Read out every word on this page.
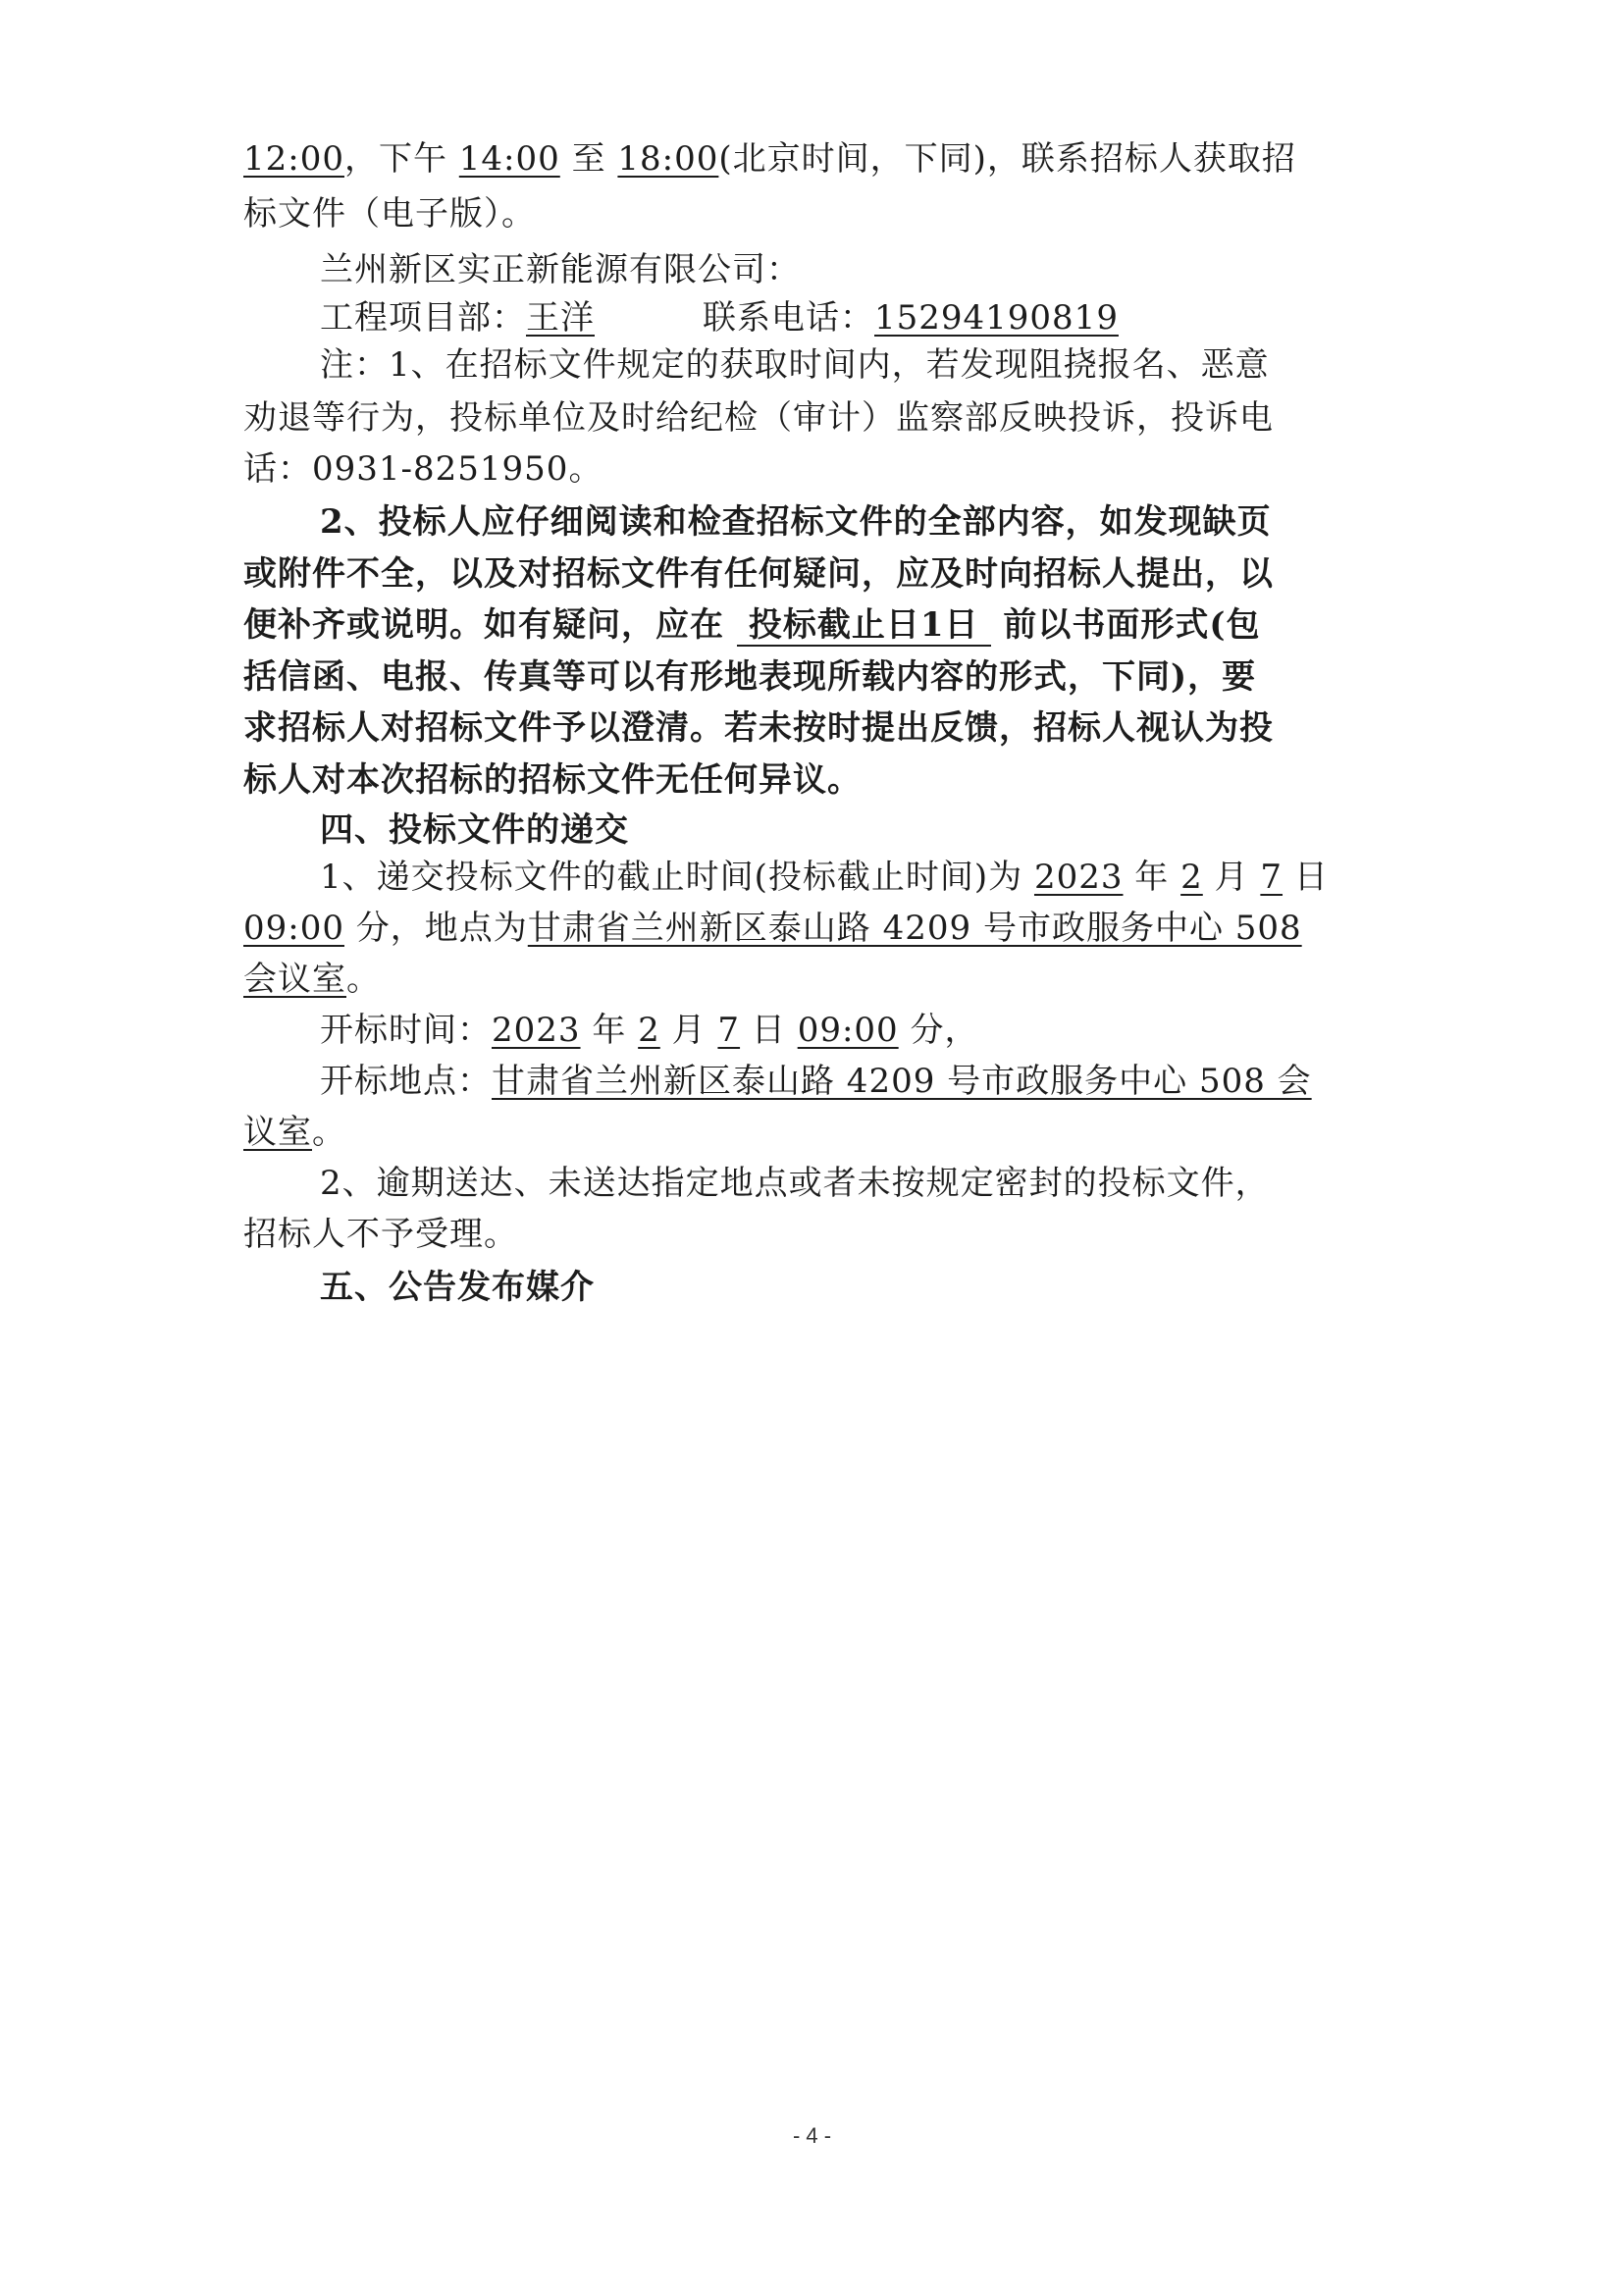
12:00，下午 14:00 至 18:00(北京时间，下同)，联系招标人获取招
标文件（电子版）。
兰州新区实正新能源有限公司：
工程项目部：王洋	联系电话：15294190819
注：1、在招标文件规定的获取时间内，若发现阻挠报名、恶意
劝退等行为，投标单位及时给纪检（审计）监察部反映投诉，投诉电
话：0931-8251950。
2、投标人应仔细阅读和检查招标文件的全部内容，如发现缺页
或附件不全，以及对招标文件有任何疑问，应及时向招标人提出，以
便补齐或说明。如有疑问，应在 投标截止日1日 前以书面形式(包
括信函、电报、传真等可以有形地表现所载内容的形式，下同)，要
求招标人对招标文件予以澄清。若未按时提出反馈，招标人视认为投
标人对本次招标的招标文件无任何异议。
四、投标文件的递交
1、递交投标文件的截止时间(投标截止时间)为 2023 年 2 月 7 日
09:00 分，地点为甘肃省兰州新区泰山路 4209 号市政服务中心 508
会议室。
开标时间：2023 年 2 月 7 日 09:00 分，
开标地点：甘肃省兰州新区泰山路 4209 号市政服务中心 508 会
议室。
2、逾期送达、未送达指定地点或者未按规定密封的投标文件，
招标人不予受理。
五、公告发布媒介
- 4 -
